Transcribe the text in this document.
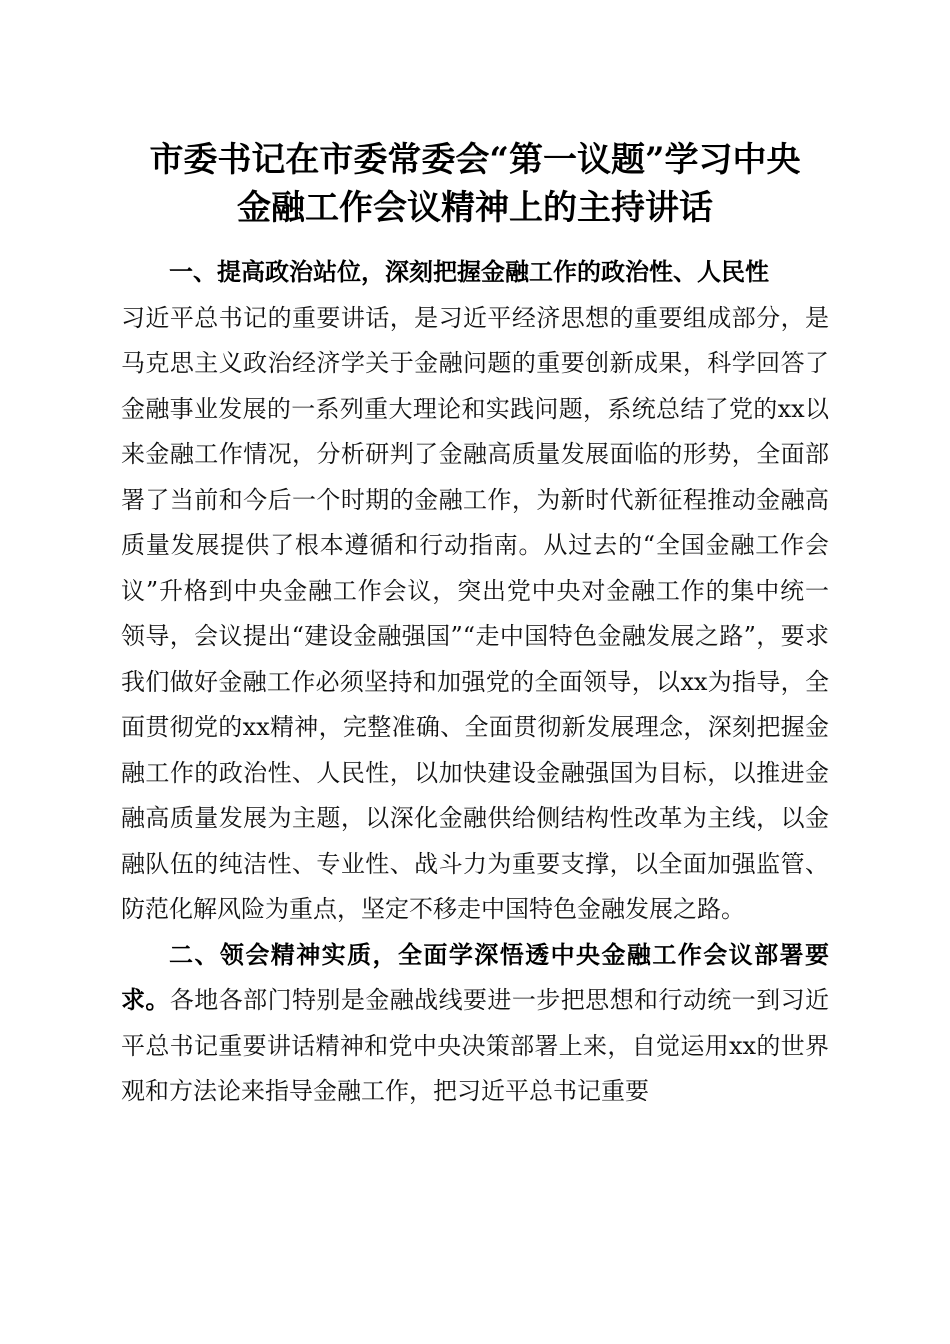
市委书记在市委常委会“第一议题”学习中央
金融工作会议精神上的主持讲话

一、提高政治站位，深刻把握金融工作的政治性、人民性
习近平总书记的重要讲话，是习近平经济思想的重要组成部分，是马克思主义政治经济学关于金融问题的重要创新成果，科学回答了金融事业发展的一系列重大理论和实践问题，系统总结了党的xx以来金融工作情况，分析研判了金融高质量发展面临的形势，全面部署了当前和今后一个时期的金融工作，为新时代新征程推动金融高质量发展提供了根本遵循和行动指南。从过去的“全国金融工作会议”升格到中央金融工作会议，突出党中央对金融工作的集中统一领导，会议提出“建设金融强国”“走中国特色金融发展之路”，要求我们做好金融工作必须坚持和加强党的全面领导，以xx为指导，全面贯彻党的xx精神，完整准确、全面贯彻新发展理念，深刻把握金融工作的政治性、人民性，以加快建设金融强国为目标，以推进金融高质量发展为主题，以深化金融供给侧结构性改革为主线，以金融队伍的纯洁性、专业性、战斗力为重要支撑，以全面加强监管、防范化解风险为重点，坚定不移走中国特色金融发展之路。

二、领会精神实质，全面学深悟透中央金融工作会议部署要求。各地各部门特别是金融战线要进一步把思想和行动统一到习近平总书记重要讲话精神和党中央决策部署上来，自觉运用xx的世界观和方法论来指导金融工作，把习近平总书记重要
